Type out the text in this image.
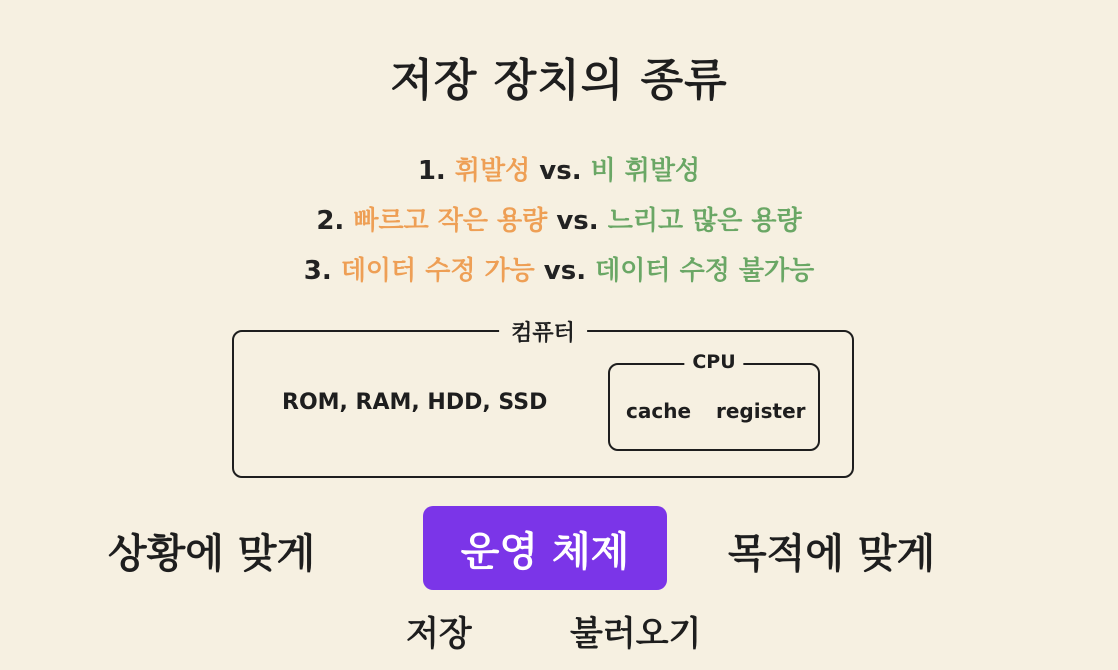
저장 장치의 종류
1. 휘발성 vs. 비 휘발성
2. 빠르고 작은 용량 vs. 느리고 많은 용량
3. 데이터 수정 가능 vs. 데이터 수정 불가능
컴퓨터
ROM, RAM, HDD, SSD
CPU
cache register
상황에 맞게	운영 체제	목적에 맞게
저장	불러오기
